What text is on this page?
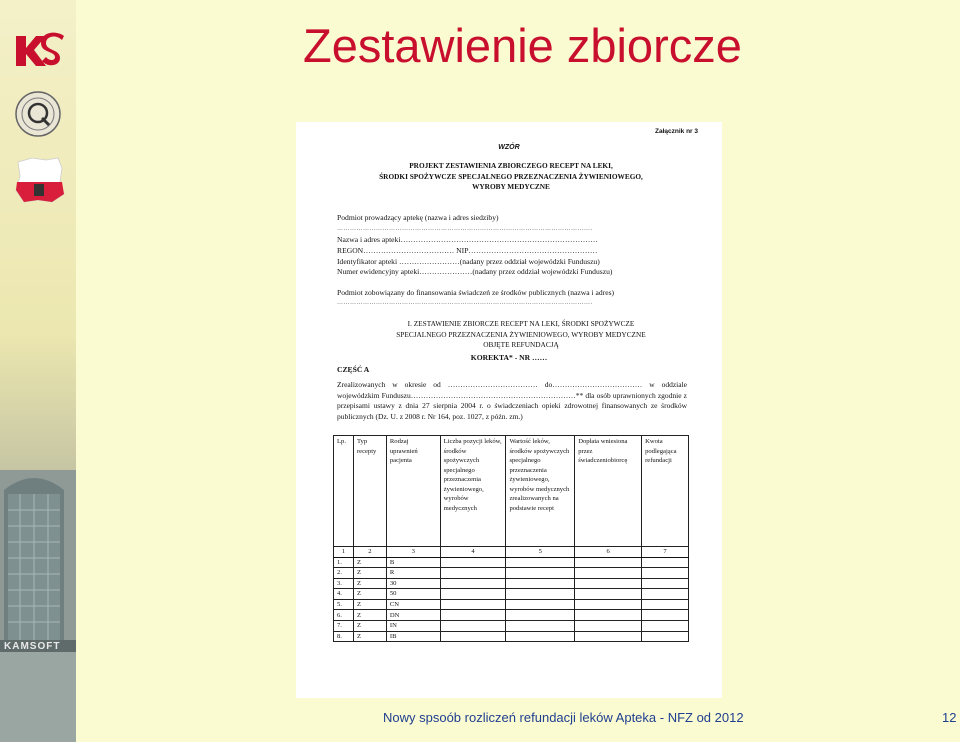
KAMSOFT
Zestawienie zbiorcze
Załącznik nr 3
WZÓR
PROJEKT ZESTAWIENIA ZBIORCZEGO RECEPT NA LEKI,
ŚRODKI SPOŻYWCZE SPECJALNEGO PRZEZNACZENIA ŻYWIENIOWEGO,
WYROBY MEDYCZNE
Podmiot prowadzący aptekę (nazwa i adres siedziby)
……………………………………………………………………………………………………….
Nazwa i adres apteki……………………………………………………………………
REGON……………………………… NIP……………………………………………
Identyfikator apteki ……………………(nadany przez oddział wojewódzki Funduszu)
Numer ewidencyjny apteki…………………(nadany przez oddział wojewódzki Funduszu)
Podmiot zobowiązany do finansowania świadczeń ze środków publicznych (nazwa i adres)
……………………………………………………………………………………………………….
I. ZESTAWIENIE ZBIORCZE RECEPT NA LEKI, ŚRODKI SPOŻYWCZE
SPECJALNEGO PRZEZNACZENIA ŻYWIENIOWEGO, WYROBY MEDYCZNE
OBJĘTE REFUNDACJĄ
KOREKTA* - NR ……
CZĘŚĆ A
Zrealizowanych w okresie od ……………………………… do……………………………… w oddziale wojewódzkim Funduszu…………………………………………………………** dla osób uprawnionych zgodnie z przepisami ustawy z dnia 27 sierpnia 2004 r. o świadczeniach opieki zdrowotnej finansowanych ze środków publicznych (Dz. U. z 2008 r. Nr 164, poz. 1027, z późn. zm.)
Lp.	Typ recepty	Rodzaj uprawnień pacjenta	Liczba pozycji leków, środków spożywczych specjalnego przeznaczenia żywieniowego, wyrobów medycznych	Wartość leków, środków spożywczych specjalnego przeznaczenia żywieniowego, wyrobów medycznych zrealizowanych na podstawie recept	Dopłata wniesiona przez świadczeniobiorcę	Kwota podlegająca refundacji
1	2	3	4	5	6	7
1.	Z	B				
2.	Z	R				
3.	Z	30				
4.	Z	50				
5.	Z	CN				
6.	Z	DN				
7.	Z	IN				
8.	Z	IB				
Nowy spsoób rozliczeń refundacji leków Apteka - NFZ od 2012	12
